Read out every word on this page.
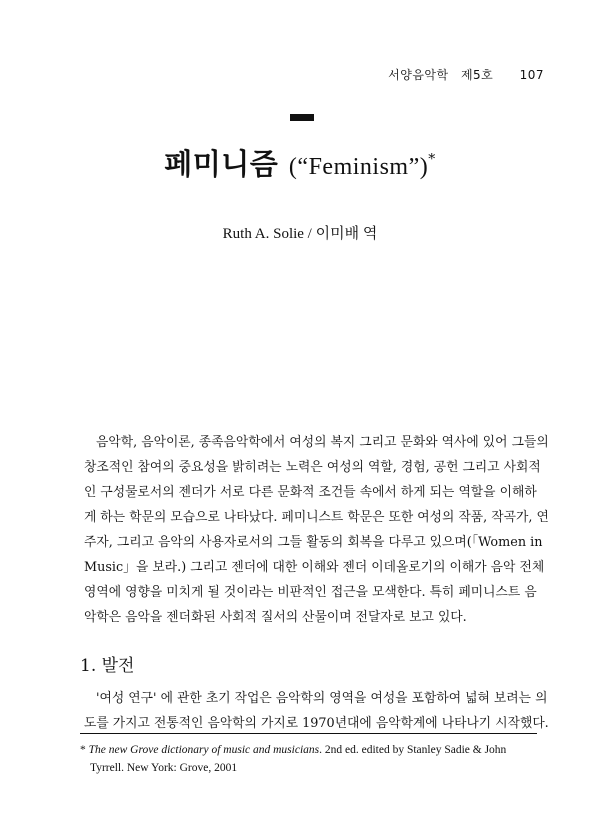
서양음악학 제5호 107
페미니즘 (“Feminism”)*
Ruth A. Solie / 이미배 역
음악학, 음악이론, 종족음악학에서 여성의 복지 그리고 문화와 역사에 있어 그들의
창조적인 참여의 중요성을 밝히려는 노력은 여성의 역할, 경험, 공헌 그리고 사회적
인 구성물로서의 젠더가 서로 다른 문화적 조건들 속에서 하게 되는 역할을 이해하
게 하는 학문의 모습으로 나타났다. 페미니스트 학문은 또한 여성의 작품, 작곡가, 연
주자, 그리고 음악의 사용자로서의 그들 활동의 회복을 다루고 있으며(「Women in
Music」을 보라.) 그리고 젠더에 대한 이해와 젠더 이데올로기의 이해가 음악 전체
영역에 영향을 미치게 될 것이라는 비판적인 접근을 모색한다. 특히 페미니스트 음
악학은 음악을 젠더화된 사회적 질서의 산물이며 전달자로 보고 있다.
1. 발전
'여성 연구' 에 관한 초기 작업은 음악학의 영역을 여성을 포함하여 넓혀 보려는 의
도를 가지고 전통적인 음악학의 가지로 1970년대에 음악학계에 나타나기 시작했다.
* The new Grove dictionary of music and musicians. 2nd ed. edited by Stanley Sadie & John
Tyrrell. New York: Grove, 2001
